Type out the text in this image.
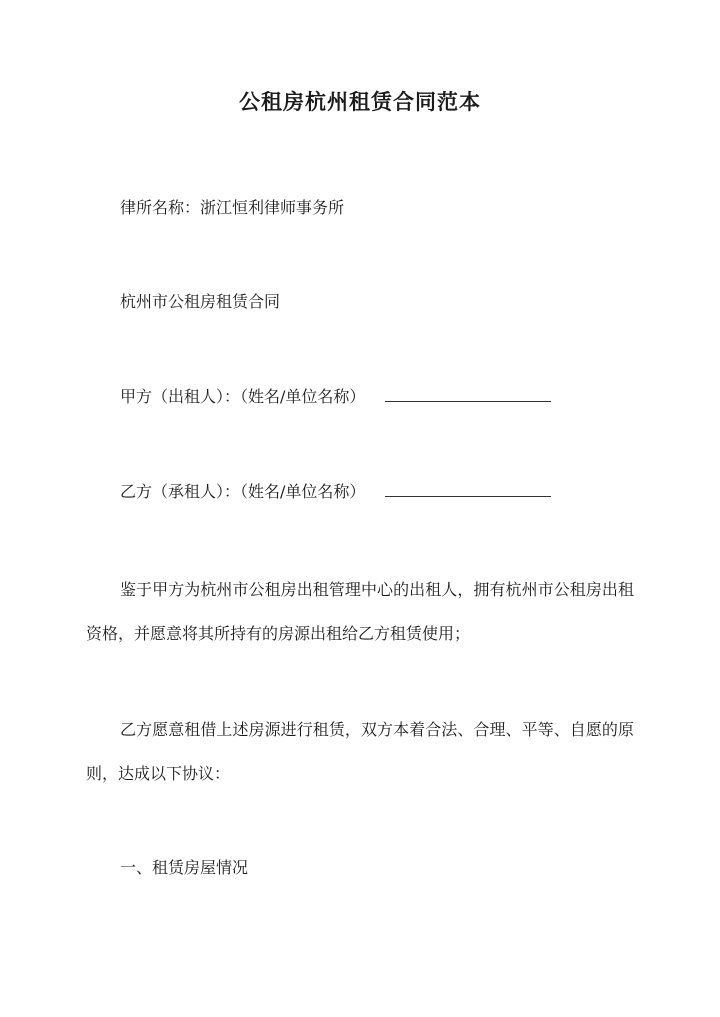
公租房杭州租赁合同范本

律所名称：浙江恒利律师事务所

杭州市公租房租赁合同

甲方（出租人）：（姓名/单位名称）
乙方（承租人）：（姓名/单位名称）

鉴于甲方为杭州市公租房出租管理中心的出租人，拥有杭州市公租房出租资格，并愿意将其所持有的房源出租给乙方租赁使用；

乙方愿意租借上述房源进行租赁，双方本着合法、合理、平等、自愿的原则，达成以下协议：

一、租赁房屋情况
